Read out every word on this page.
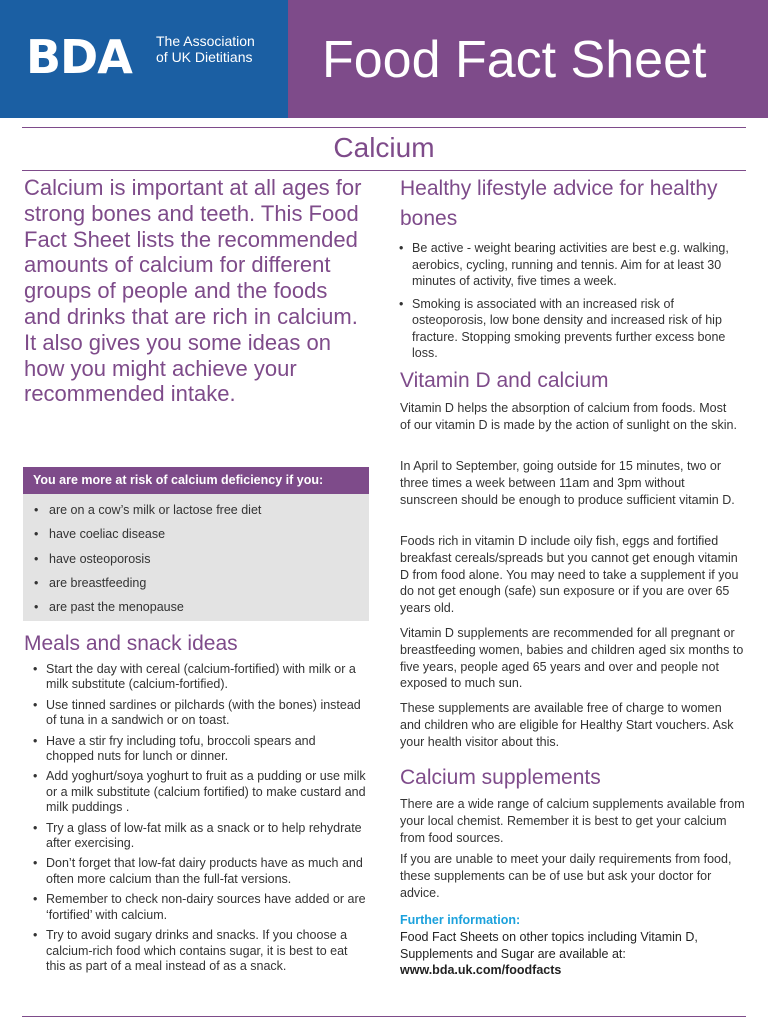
BDA The Association
of UK Dietitians Food Fact Sheet
Calcium
Calcium is important at all ages for strong bones and teeth. This Food Fact Sheet lists the recommended amounts of calcium for different groups of people and the foods and drinks that are rich in calcium. It also gives you some ideas on how you might achieve your recommended intake.
You are more at risk of calcium deficiency if you:
• are on a cow’s milk or lactose free diet
• have coeliac disease
• have osteoporosis
• are breastfeeding
• are past the menopause
Meals and snack ideas
• Start the day with cereal (calcium-fortified) with milk or a milk substitute (calcium-fortified).
• Use tinned sardines or pilchards (with the bones) instead of tuna in a sandwich or on toast.
• Have a stir fry including tofu, broccoli spears and chopped nuts for lunch or dinner.
• Add yoghurt/soya yoghurt to fruit as a pudding or use milk or a milk substitute (calcium fortified) to make custard and milk puddings .
• Try a glass of low-fat milk as a snack or to help rehydrate after exercising.
• Don’t forget that low-fat dairy products have as much and often more calcium than the full-fat versions.
• Remember to check non-dairy sources have added or are ‘fortified’ with calcium.
• Try to avoid sugary drinks and snacks. If you choose a calcium-rich food which contains sugar, it is best to eat this as part of a meal instead of as a snack.
Healthy lifestyle advice for healthy bones
• Be active - weight bearing activities are best e.g. walking, aerobics, cycling, running and tennis. Aim for at least 30 minutes of activity, five times a week.
• Smoking is associated with an increased risk of osteoporosis, low bone density and increased risk of hip fracture. Stopping smoking prevents further excess bone loss.
Vitamin D and calcium
Vitamin D helps the absorption of calcium from foods. Most of our vitamin D is made by the action of sunlight on the skin.
In April to September, going outside for 15 minutes, two or three times a week between 11am and 3pm without sunscreen should be enough to produce sufficient vitamin D.
Foods rich in vitamin D include oily fish, eggs and fortified breakfast cereals/spreads but you cannot get enough vitamin D from food alone. You may need to take a supplement if you do not get enough (safe) sun exposure or if you are over 65 years old.
Vitamin D supplements are recommended for all pregnant or breastfeeding women, babies and children aged six months to five years, people aged 65 years and over and people not exposed to much sun.
These supplements are available free of charge to women and children who are eligible for Healthy Start vouchers. Ask your health visitor about this.
Calcium supplements
There are a wide range of calcium supplements available from your local chemist. Remember it is best to get your calcium from food sources.
If you are unable to meet your daily requirements from food, these supplements can be of use but ask your doctor for advice.
Further information:
Food Fact Sheets on other topics including Vitamin D, Supplements and Sugar are available at:
www.bda.uk.com/foodfacts
